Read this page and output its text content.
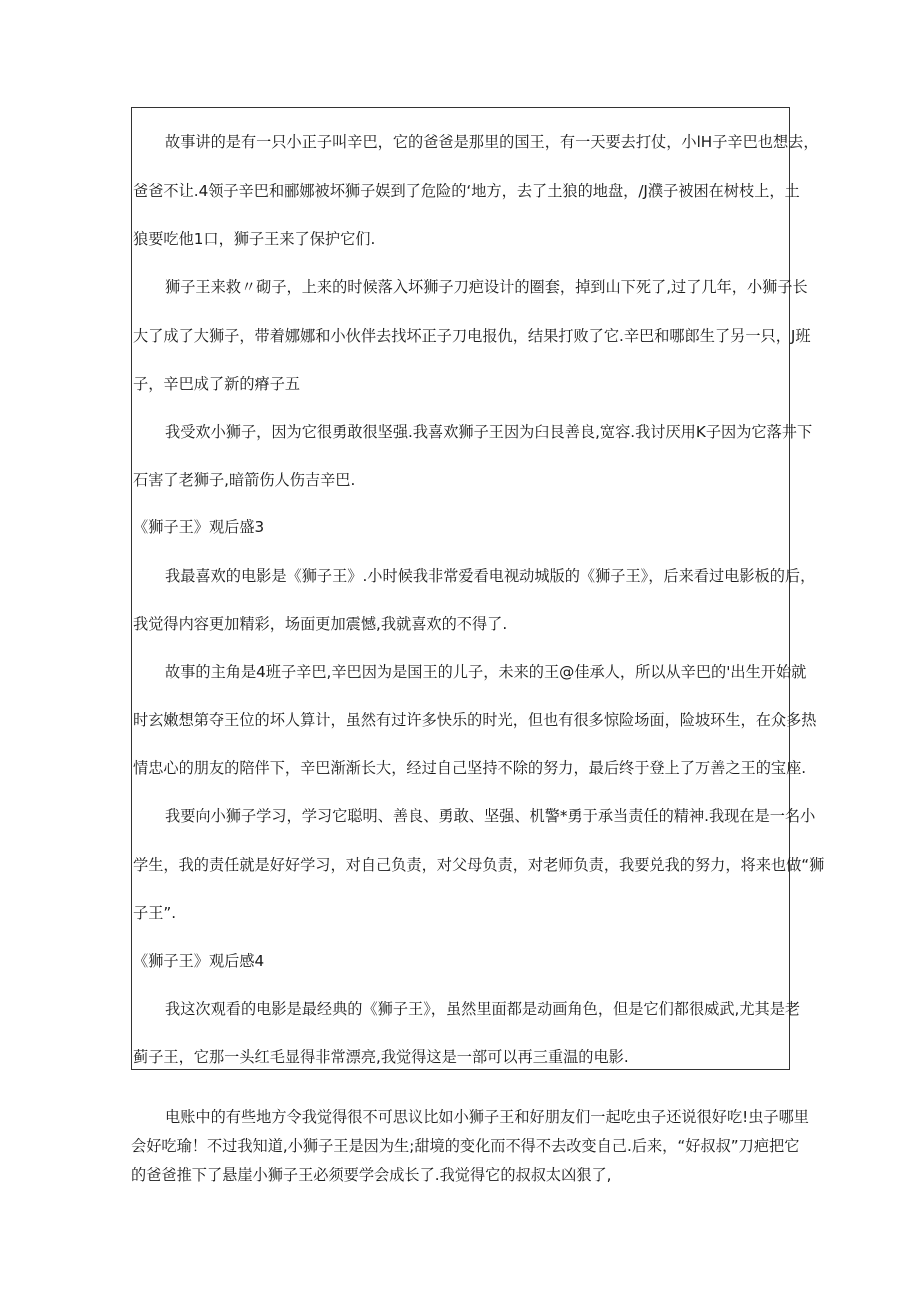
故事讲的是有一只小正子叫辛巴，它的爸爸是那里的国王，有一天要去打仗，小lH子辛巴也想去，
爸爸不让.4领子辛巴和郦娜被坏狮子娱到了危险的‘地方，去了土狼的地盘，/J濮子被困在树枝上，土
狼要吃他1口，狮子王来了保护它们.
狮子王来救〃砌子，上来的时候落入坏狮子刀疤设计的圈套，掉到山下死了,过了几年，小狮子长
大了成了大狮子，带着娜娜和小伙伴去找坏正子刀电报仇，结果打败了它.辛巴和哪郎生了另一只，J班
子，辛巴成了新的瘠子五
我受欢小狮子，因为它很勇敢很坚强.我喜欢狮子王因为臼艮善良,宽容.我讨厌用K子因为它落井下
石害了老狮子,暗箭伤人伤吉辛巴.
《狮子王》观后盛3
我最喜欢的电影是《狮子王》.小时候我非常爱看电视动城版的《狮子王》，后来看过电影板的后，
我觉得内容更加精彩，场面更加震憾,我就喜欢的不得了.
故事的主角是4班子辛巴,辛巴因为是国王的儿子，未来的王@佳承人，所以从辛巴的'出生开始就
时玄嫩想第夺王位的坏人算计，虽然有过许多快乐的时光，但也有很多惊险场面，险坡环生，在众多热
情忠心的朋友的陪伴下，辛巴渐渐长大，经过自己坚持不除的努力，最后终于登上了万善之王的宝座.
我要向小狮子学习，学习它聪明、善良、勇敢、坚强、机警*勇于承当责任的精神.我现在是一名小
学生，我的责任就是好好学习，对自己负责，对父母负责，对老师负责，我要兑我的努力，将来也做“狮
子王”.
《狮子王》观后感4
我这次观看的电影是最经典的《狮子王》，虽然里面都是动画角色，但是它们都很威武,尤其是老
蓟子王，它那一头红毛显得非常漂亮,我觉得这是一部可以再三重温的电影.
电账中的有些地方令我觉得很不可思议比如小狮子王和好朋友们一起吃虫子还说很好吃!虫子哪里
会好吃瑜！不过我知道,小狮子王是因为生;甜境的变化而不得不去改变自己.后来，“好叔叔”刀疤把它
的爸爸推下了悬崖小狮子王必须要学会成长了.我觉得它的叔叔太凶狠了,
